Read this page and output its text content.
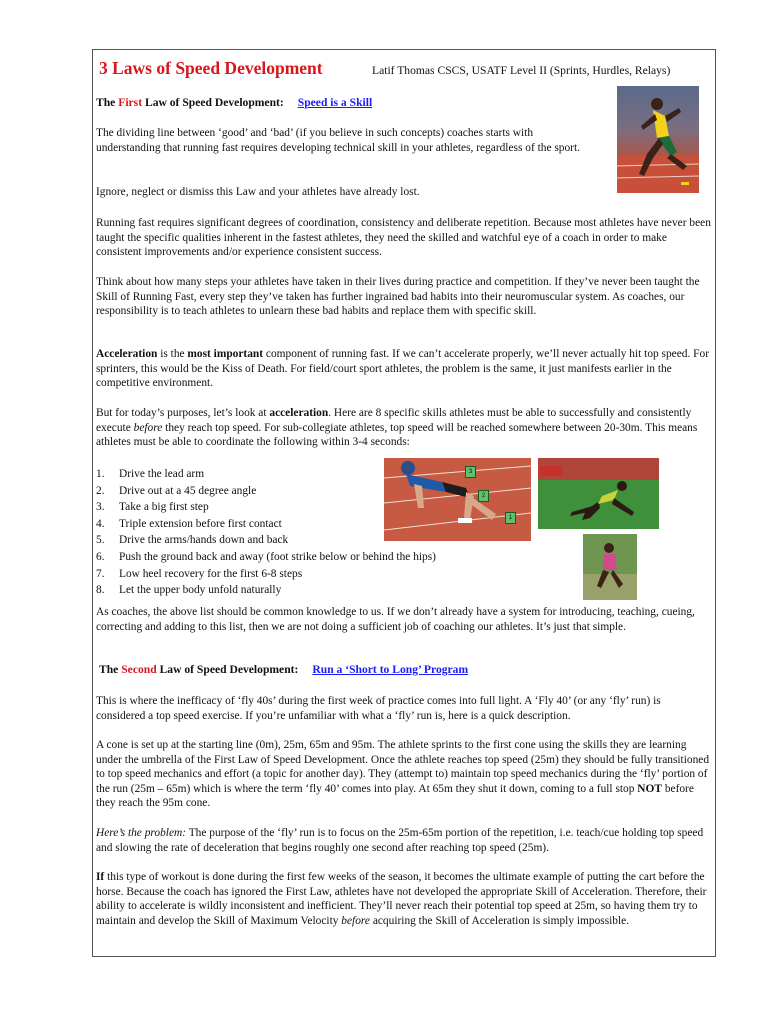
3 Laws of Speed Development	Latif Thomas CSCS, USATF Level II (Sprints, Hurdles, Relays)
The First Law of Speed Development: Speed is a Skill

The dividing line between ‘good’ and ‘bad’ (if you believe in such concepts) coaches starts with understanding that running fast requires developing technical skill in your athletes, regardless of the sport.

Ignore, neglect or dismiss this Law and your athletes have already lost.

Running fast requires significant degrees of coordination, consistency and deliberate repetition. Because most athletes have never been taught the specific qualities inherent in the fastest athletes, they need the skilled and watchful eye of a coach in order to make consistent improvements and/or experience consistent success.

Think about how many steps your athletes have taken in their lives during practice and competition. If they’ve never been taught the Skill of Running Fast, every step they’ve taken has further ingrained bad habits into their neuromuscular system. As coaches, our responsibility is to teach athletes to unlearn these bad habits and replace them with specific skill.

Acceleration is the most important component of running fast. If we can’t accelerate properly, we’ll never actually hit top speed. For sprinters, this would be the Kiss of Death. For field/court sport athletes, the problem is the same, it just manifests earlier in the competitive environment.

But for today’s purposes, let’s look at acceleration. Here are 8 specific skills athletes must be able to successfully and consistently execute before they reach top speed. For sub-collegiate athletes, top speed will be reached somewhere between 20-30m. This means athletes must be able to coordinate the following within 3-4 seconds:

1. Drive the lead arm
2. Drive out at a 45 degree angle
3. Take a big first step
4. Triple extension before first contact
5. Drive the arms/hands down and back
6. Push the ground back and away (foot strike below or behind the hips)
7. Low heel recovery for the first 6-8 steps
8. Let the upper body unfold naturally
3
2
1

As coaches, the above list should be common knowledge to us. If we don’t already have a system for introducing, teaching, cueing, correcting and adding to this list, then we are not doing a sufficient job of coaching our athletes. It’s just that simple.

The Second Law of Speed Development: Run a ‘Short to Long’ Program

This is where the inefficacy of ‘fly 40s’ during the first week of practice comes into full light. A ‘Fly 40’ (or any ‘fly’ run) is considered a top speed exercise. If you’re unfamiliar with what a ‘fly’ run is, here is a quick description.

A cone is set up at the starting line (0m), 25m, 65m and 95m. The athlete sprints to the first cone using the skills they are learning under the umbrella of the First Law of Speed Development. Once the athlete reaches top speed (25m) they should be fully transitioned to top speed mechanics and effort (a topic for another day). They (attempt to) maintain top speed mechanics during the ‘fly’ portion of the run (25m – 65m) which is where the term ‘fly 40’ comes into play. At 65m they shut it down, coming to a full stop NOT before they reach the 95m cone.

Here’s the problem: The purpose of the ‘fly’ run is to focus on the 25m-65m portion of the repetition, i.e. teach/cue holding top speed and slowing the rate of deceleration that begins roughly one second after reaching top speed (25m).

If this type of workout is done during the first few weeks of the season, it becomes the ultimate example of putting the cart before the horse. Because the coach has ignored the First Law, athletes have not developed the appropriate Skill of Acceleration. Therefore, their ability to accelerate is wildly inconsistent and inefficient. They’ll never reach their potential top speed at 25m, so having them try to maintain and develop the Skill of Maximum Velocity before acquiring the Skill of Acceleration is simply impossible.
